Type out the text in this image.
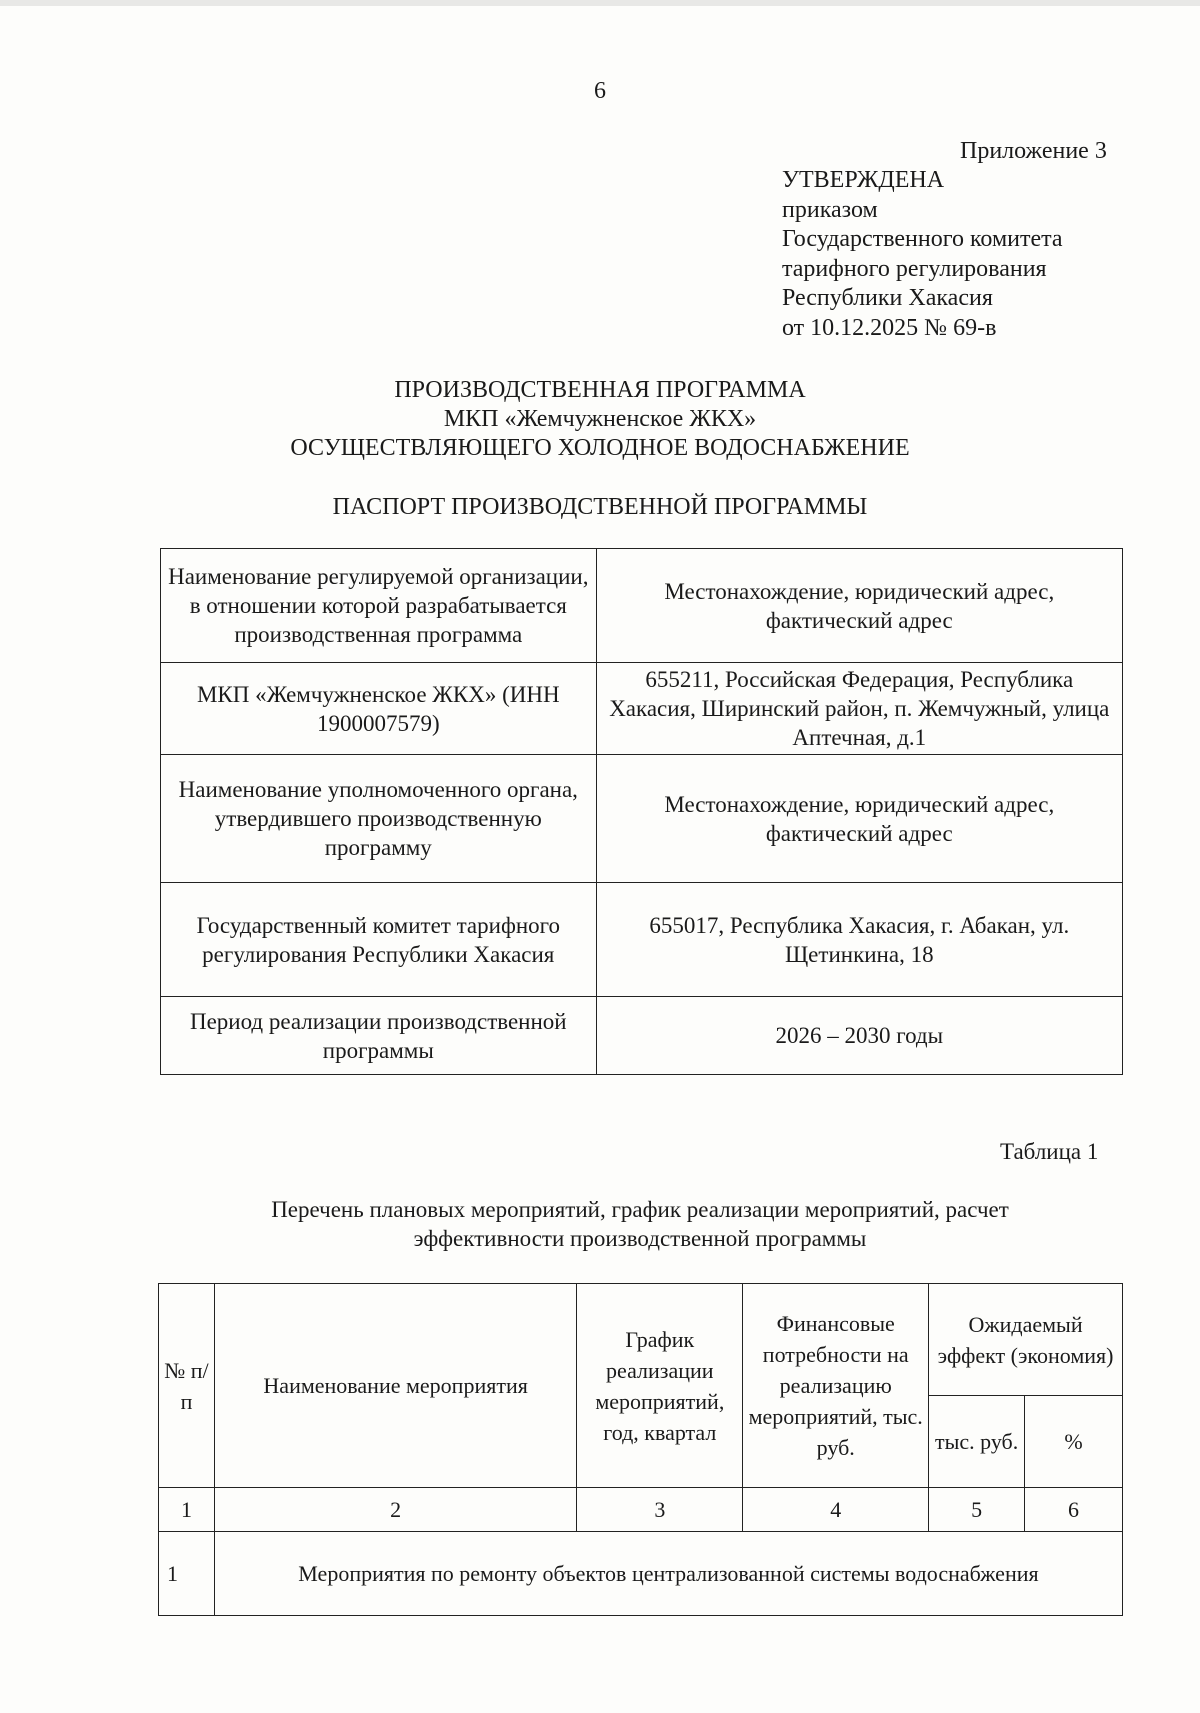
6
Приложение 3
УТВЕРЖДЕНА
приказом
Государственного комитета
тарифного регулирования
Республики Хакасия
от 10.12.2025 № 69-в
ПРОИЗВОДСТВЕННАЯ ПРОГРАММА
МКП «Жемчужненское ЖКХ»
ОСУЩЕСТВЛЯЮЩЕГО ХОЛОДНОЕ ВОДОСНАБЖЕНИЕ
ПАСПОРТ ПРОИЗВОДСТВЕННОЙ ПРОГРАММЫ
Наименование регулируемой организации, в отношении которой разрабатывается производственная программа	Местонахождение, юридический адрес, фактический адрес
МКП «Жемчужненское ЖКХ» (ИНН 1900007579)	655211, Российская Федерация, Республика Хакасия, Ширинский район, п. Жемчужный, улица Аптечная, д.1
Наименование уполномоченного органа, утвердившего производственную программу	Местонахождение, юридический адрес, фактический адрес
Государственный комитет тарифного регулирования Республики Хакасия	655017, Республика Хакасия, г. Абакан, ул. Щетинкина, 18
Период реализации производственной программы	2026 – 2030 годы
Таблица 1
Перечень плановых мероприятий, график реализации мероприятий, расчет эффективности производственной программы
№ п/п	Наименование мероприятия	График реализации мероприятий, год, квартал	Финансовые потребности на реализацию мероприятий, тыс. руб.	Ожидаемый эффект (экономия)	
				тыс. руб.	%
1	2	3	4	5	6
1	Мероприятия по ремонту объектов централизованной системы водоснабжения				
